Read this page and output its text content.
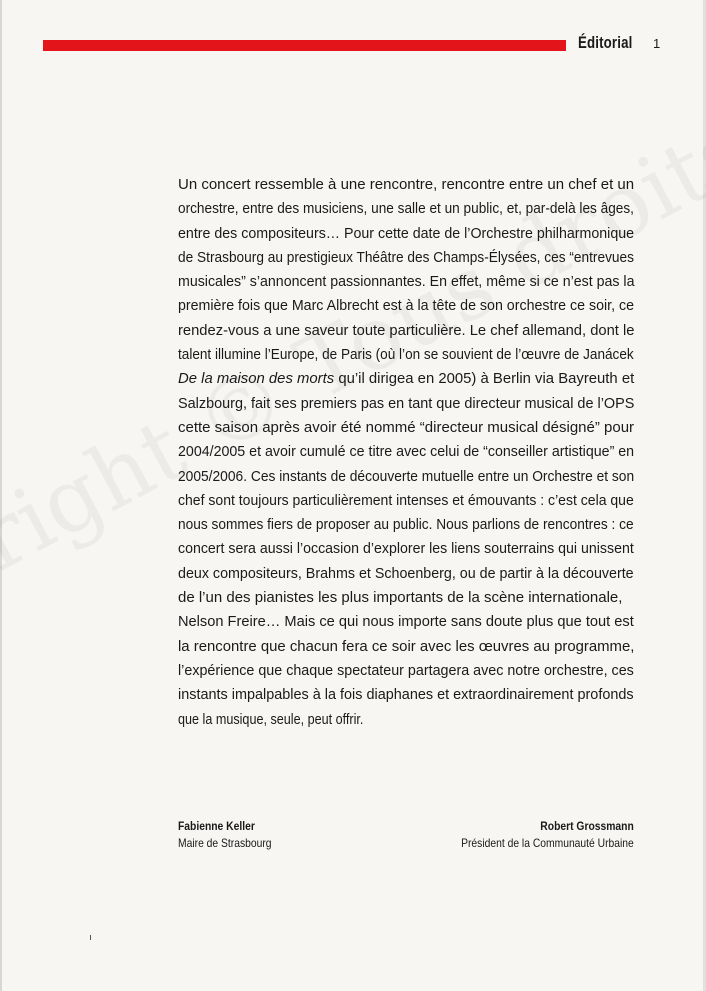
Éditorial 1
Un concert ressemble à une rencontre, rencontre entre un chef et un
orchestre, entre des musiciens, une salle et un public, et, par-delà les âges,
entre des compositeurs… Pour cette date de l’Orchestre philharmonique
de Strasbourg au prestigieux Théâtre des Champs-Élysées, ces “entrevues
musicales” s’annoncent passionnantes. En effet, même si ce n’est pas la
première fois que Marc Albrecht est à la tête de son orchestre ce soir, ce
rendez-vous a une saveur toute particulière. Le chef allemand, dont le
talent illumine l’Europe, de Paris (où l’on se souvient de l’œuvre de Janácek
De la maison des morts qu’il dirigea en 2005) à Berlin via Bayreuth et
Salzbourg, fait ses premiers pas en tant que directeur musical de l’OPS
cette saison après avoir été nommé “directeur musical désigné” pour
2004/2005 et avoir cumulé ce titre avec celui de “conseiller artistique” en
2005/2006. Ces instants de découverte mutuelle entre un Orchestre et son
chef sont toujours particulièrement intenses et émouvants : c’est cela que
nous sommes fiers de proposer au public. Nous parlions de rencontres : ce
concert sera aussi l’occasion d’explorer les liens souterrains qui unissent
deux compositeurs, Brahms et Schoenberg, ou de partir à la découverte
de l’un des pianistes les plus importants de la scène internationale,
Nelson Freire… Mais ce qui nous importe sans doute plus que tout est
la rencontre que chacun fera ce soir avec les œuvres au programme,
l’expérience que chaque spectateur partagera avec notre orchestre, ces
instants impalpables à la fois diaphanes et extraordinairement profonds
que la musique, seule, peut offrir.
Fabienne Keller
Maire de Strasbourg
Robert Grossmann
Président de la Communauté Urbaine
